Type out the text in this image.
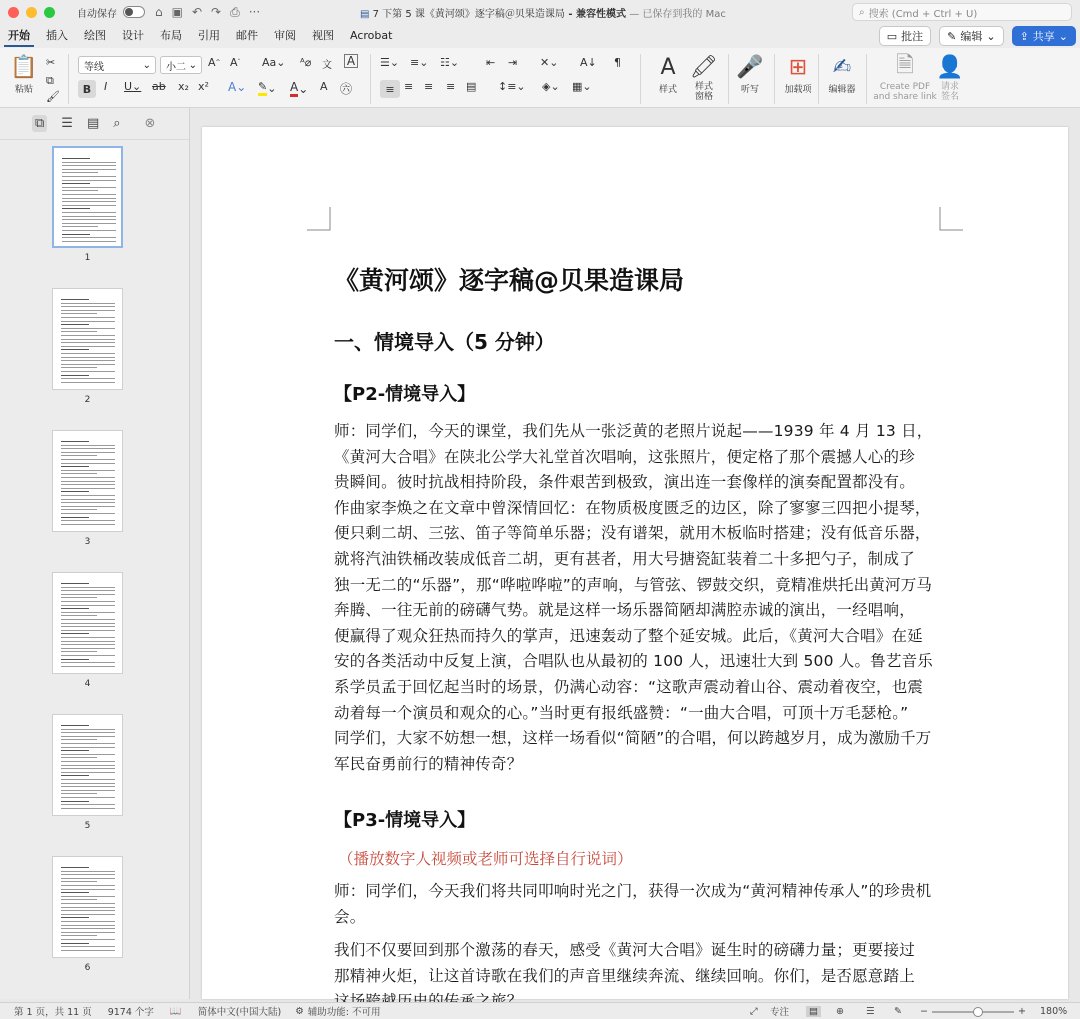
自动保存	⌂ ▣ ↶ ↷ ⎙ ···	▤ 7 下第 5 课《黄河颂》逐字稿＠贝果造课局 - 兼容性模式 — 已保存到我的 Mac	⌕ 搜索 (Cmd + Ctrl + U)
开始	插入	绘图	设计	布局	引用	邮件	审阅	视图	Acrobat	▭ 批注 ✎ 编辑 ⌄ ⇪ 共享 ⌄
📋
粘贴
✂
⧉
🖌
等线	⌄ 小二 ⌄ A ^ A ˇ Aa⌄ ᴬ⌀ 文 A
B	I U⌄ ab x₂ x² A⌄ ✎ ⌄ A ⌄ A ㊅
☰⌄ ≡⌄ ☷⌄ ⇤ ⇥ ✕⌄ A↓ ¶
≡ ≡ ≡ ≡ ▤ ↕≡⌄ ◈⌄ ▦⌄
A
样式
🖍
样式
窗格
🎤
听写
⊞
加载项
✍
编辑器
🗎
Create PDF
and share link
👤
请求
签名
⧉ ☰ ▤ ⌕ ⊗
1
2
3
4
5
6
《黄河颂》逐字稿@贝果造课局
一、情境导入（5 分钟）
【P2-情境导入】
师：同学们，今天的课堂，我们先从一张泛黄的老照片说起——1939 年 4 月 13 日，
《黄河大合唱》在陕北公学大礼堂首次唱响，这张照片，便定格了那个震撼人心的珍
贵瞬间。彼时抗战相持阶段，条件艰苦到极致，演出连一套像样的演奏配置都没有。
作曲家李焕之在文章中曾深情回忆：在物质极度匮乏的边区，除了寥寥三四把小提琴，
便只剩二胡、三弦、笛子等简单乐器；没有谱架，就用木板临时搭建；没有低音乐器，
就将汽油铁桶改装成低音二胡，更有甚者，用大号搪瓷缸装着二十多把勺子，制成了
独一无二的“乐器”，那“哗啦哗啦”的声响，与管弦、锣鼓交织，竟精准烘托出黄河万马
奔腾、一往无前的磅礴气势。就是这样一场乐器简陋却满腔赤诚的演出，一经唱响，
便赢得了观众狂热而持久的掌声，迅速轰动了整个延安城。此后，《黄河大合唱》在延
安的各类活动中反复上演，合唱队也从最初的 100 人，迅速壮大到 500 人。鲁艺音乐
系学员孟于回忆起当时的场景，仍满心动容：“这歌声震动着山谷、震动着夜空，也震
动着每一个演员和观众的心。”当时更有报纸盛赞：“一曲大合唱，可顶十万毛瑟枪。”
同学们，大家不妨想一想，这样一场看似“简陋”的合唱，何以跨越岁月，成为激励千万
军民奋勇前行的精神传奇？
【P3-情境导入】
（播放数字人视频或老师可选择自行说词）
师：同学们，今天我们将共同叩响时光之门，获得一次成为“黄河精神传承人”的珍贵机
会。
我们不仅要回到那个激荡的春天，感受《黄河大合唱》诞生时的磅礴力量；更要接过
那精神火炬，让这首诗歌在我们的声音里继续奔流、继续回响。你们，是否愿意踏上
第 1 页，共 11 页 9174 个字 📖 简体中文(中国大陆) ⚙ 辅助功能: 不可用	⤢ 专注	▤	⊕ ☰ ✎ −	+ 180%
